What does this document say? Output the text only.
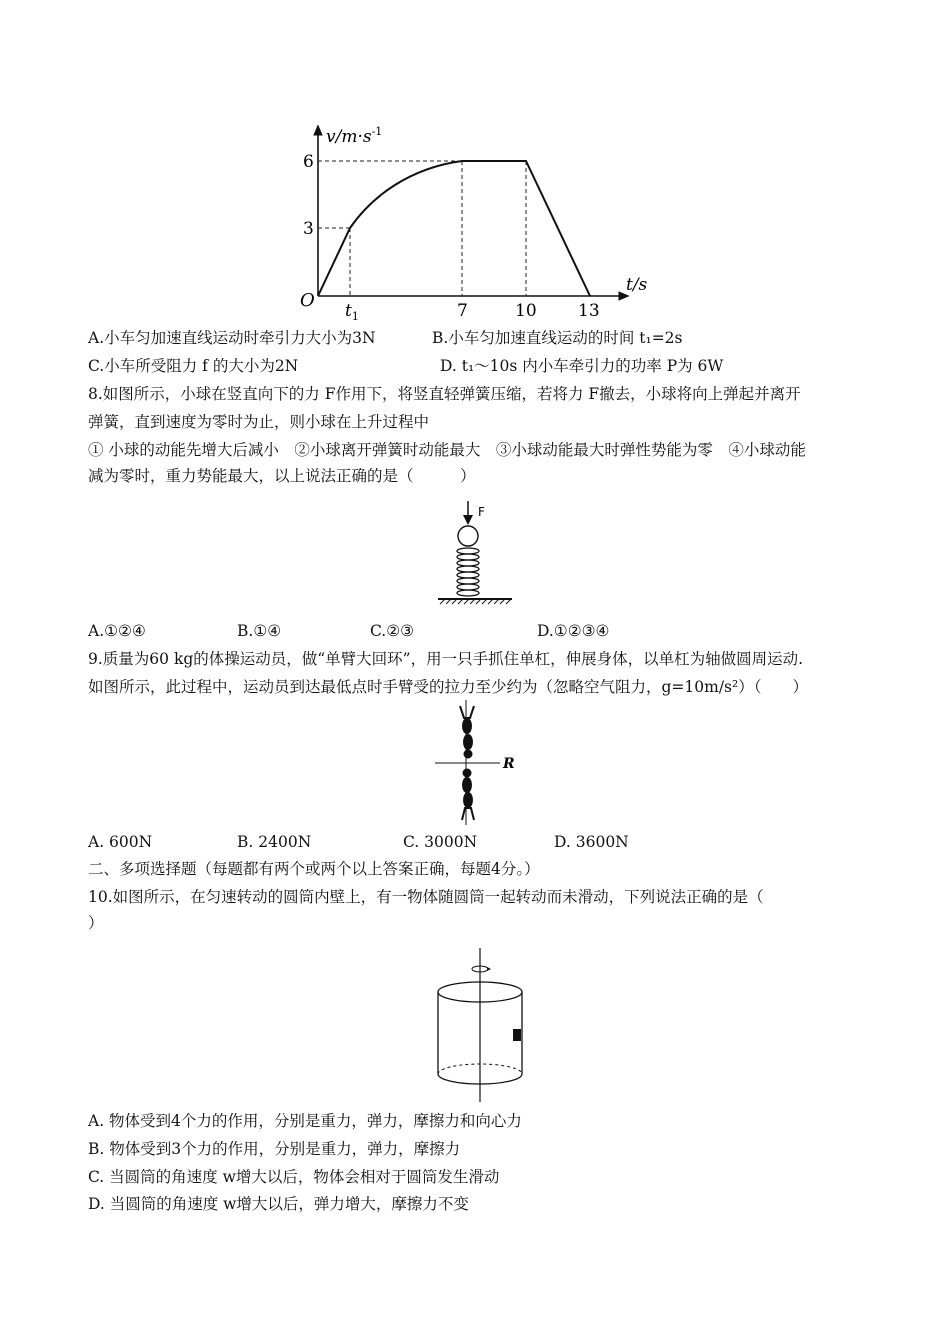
$v/m\cdot s^{-1}$
t/s
O
6
3
$t_1$	7	10 13
A.小车匀加速直线运动时牵引力大小为3N	B.小车匀加速直线运动的时间 t₁=2s
C.小车所受阻力 f 的大小为2N	D. t₁～10s 内小车牵引力的功率 P为 6W
8.如图所示，小球在竖直向下的力 F作用下，将竖直轻弹簧压缩，若将力 F撤去，小球将向上弹起并离开
弹簧，直到速度为零时为止，则小球在上升过程中
① 小球的动能先增大后减小　②小球离开弹簧时动能最大　③小球动能最大时弹性势能为零　④小球动能
减为零时，重力势能最大，以上说法正确的是（　　　）
F
A.①②④	B.①④	C.②③	D.①②③④
9.质量为60 kg的体操运动员，做“单臂大回环”，用一只手抓住单杠，伸展身体，以单杠为轴做圆周运动.
如图所示，此过程中，运动员到达最低点时手臂受的拉力至少约为（忽略空气阻力，g=10m/s²）（　　）
R
A. 600N	B. 2400N	C. 3000N	D. 3600N
二、多项选择题（每题都有两个或两个以上答案正确，每题4分。）
10.如图所示，在匀速转动的圆筒内壁上，有一物体随圆筒一起转动而未滑动，下列说法正确的是（
）
A. 物体受到4个力的作用，分别是重力，弹力，摩擦力和向心力
B. 物体受到3个力的作用，分别是重力，弹力，摩擦力
C. 当圆筒的角速度 w增大以后，物体会相对于圆筒发生滑动
D. 当圆筒的角速度 w增大以后，弹力增大，摩擦力不变
